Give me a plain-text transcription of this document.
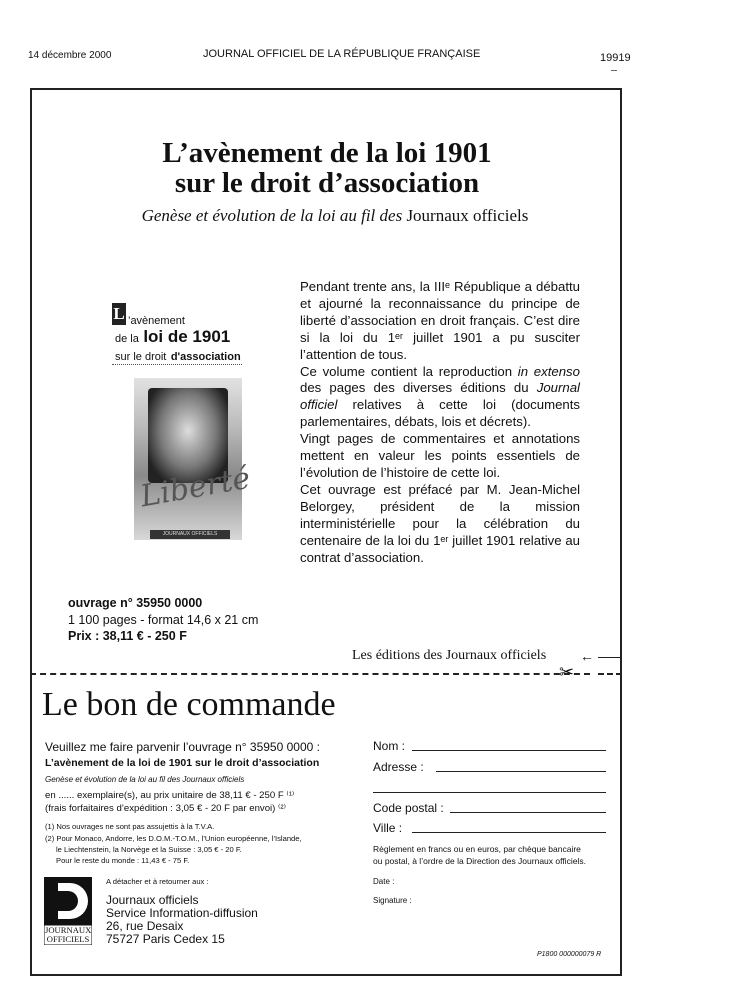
14 décembre 2000	JOURNAL OFFICIEL DE LA RÉPUBLIQUE FRANÇAISE	19919
L’avènement de la loi 1901
sur le droit d’association
Genèse et évolution de la loi au fil des Journaux officiels
L ’avènement
de la loi de 1901
sur le droit d'association
Liberté
JOURNAUX OFFICIELS

Pendant trente ans, la IIIᵉ République a débattu et ajourné la reconnaissance du principe de liberté d’association en droit français. C’est dire si la loi du 1ᵉʳ juillet 1901 a pu susciter l’attention de tous.

Ce volume contient la reproduction in extenso des pages des diverses éditions du Journal officiel relatives à cette loi (documents parlementaires, débats, lois et décrets).

Vingt pages de commentaires et annotations mettent en valeur les points essentiels de l’évolution de l’histoire de cette loi.

Cet ouvrage est préfacé par M. Jean-Michel Belorgey, président de la mission interministérielle pour la célébration du centenaire de la loi du 1ᵉʳ juillet 1901 relative au contrat d’association.

ouvrage n° 35950 0000
1 100 pages - format 14,6 x 21 cm
Prix : 38,11 € - 250 F
Les éditions des Journaux officiels ←
✂
Le bon de commande
Veuillez me faire parvenir l’ouvrage n° 35950 0000 :
L’avènement de la loi de 1901 sur le droit d’association
Genèse et évolution de la loi au fil des Journaux officiels
en ...... exemplaire(s), au prix unitaire de 38,11 € - 250 F ⁽¹⁾
(frais forfaitaires d’expédition : 3,05 € - 20 F par envoi) ⁽²⁾
(1) Nos ouvrages ne sont pas assujettis à la T.V.A.
(2) Pour Monaco, Andorre, les D.O.M.-T.O.M., l’Union européenne, l’Islande,
le Liechtenstein, la Norvège et la Suisse : 3,05 € - 20 F.
Pour le reste du monde : 11,43 € - 75 F.
JOURNAUX
OFFICIELS
A détacher et à retourner aux :
Journaux officiels
Service Information-diffusion
26, rue Desaix
75727 Paris Cedex 15
Nom :
Adresse :
Code postal :
Ville :
Règlement en francs ou en euros, par chèque bancaire
ou postal, à l’ordre de la Direction des Journaux officiels.
Date :
Signature :
P1800 000000079 R
